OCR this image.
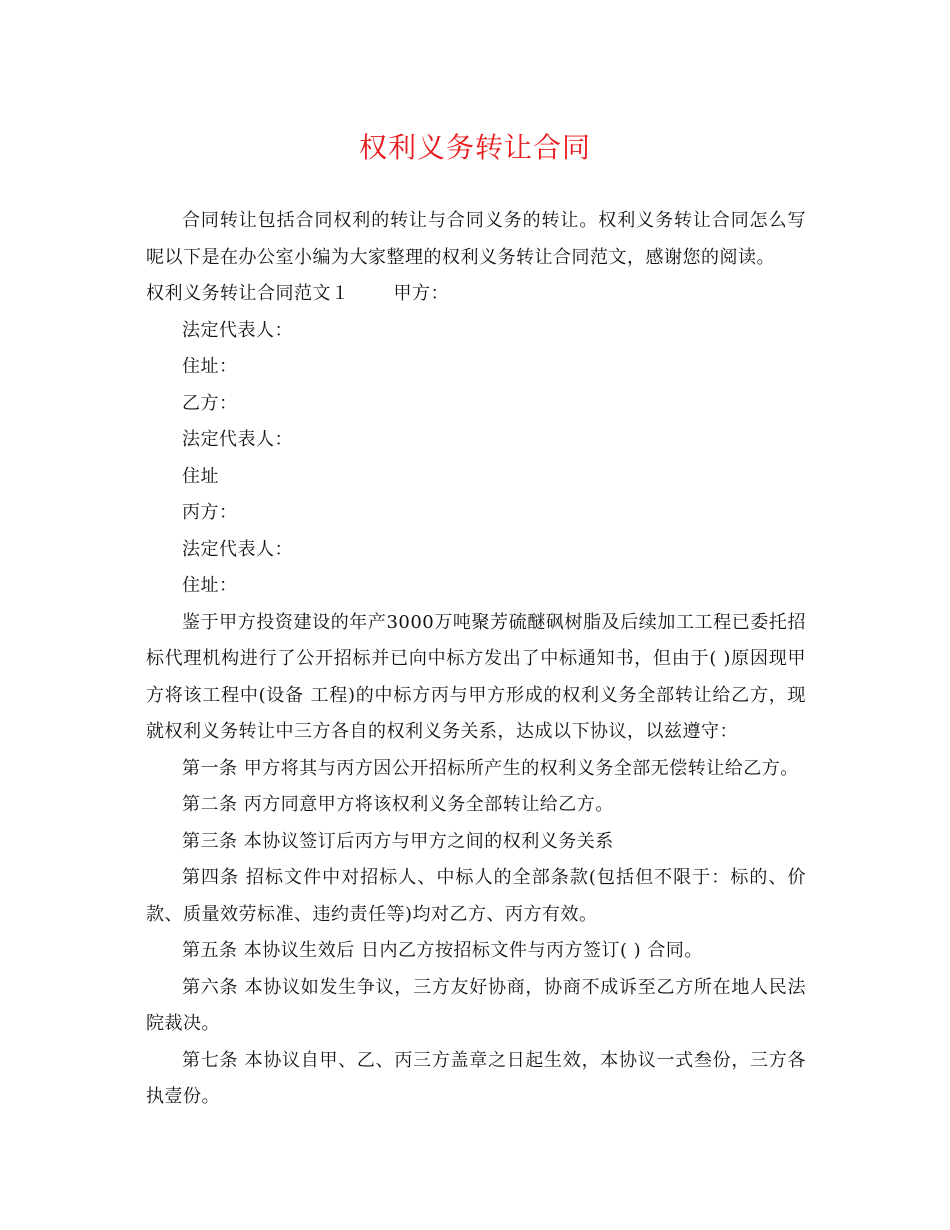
权利义务转让合同

合同转让包括合同权利的转让与合同义务的转让。权利义务转让合同怎么写呢以下是在办公室小编为大家整理的权利义务转让合同范文，感谢您的阅读。

权利义务转让合同范文１ 甲方：

法定代表人：

住址：

乙方：

法定代表人：

住址

丙方：

法定代表人：

住址：

鉴于甲方投资建设的年产3000万吨聚芳硫醚砜树脂及后续加工工程已委托招标代理机构进行了公开招标并已向中标方发出了中标通知书，但由于( )原因现甲方将该工程中(设备 工程)的中标方丙与甲方形成的权利义务全部转让给乙方，现就权利义务转让中三方各自的权利义务关系，达成以下协议，以兹遵守：

第一条 甲方将其与丙方因公开招标所产生的权利义务全部无偿转让给乙方。

第二条 丙方同意甲方将该权利义务全部转让给乙方。

第三条 本协议签订后丙方与甲方之间的权利义务关系

第四条 招标文件中对招标人、中标人的全部条款(包括但不限于：标的、价款、质量效劳标准、违约责任等)均对乙方、丙方有效。

第五条 本协议生效后 日内乙方按招标文件与丙方签订( ) 合同。

第六条 本协议如发生争议，三方友好协商，协商不成诉至乙方所在地人民法院裁决。

第七条 本协议自甲、乙、丙三方盖章之日起生效，本协议一式叁份，三方各执壹份。
